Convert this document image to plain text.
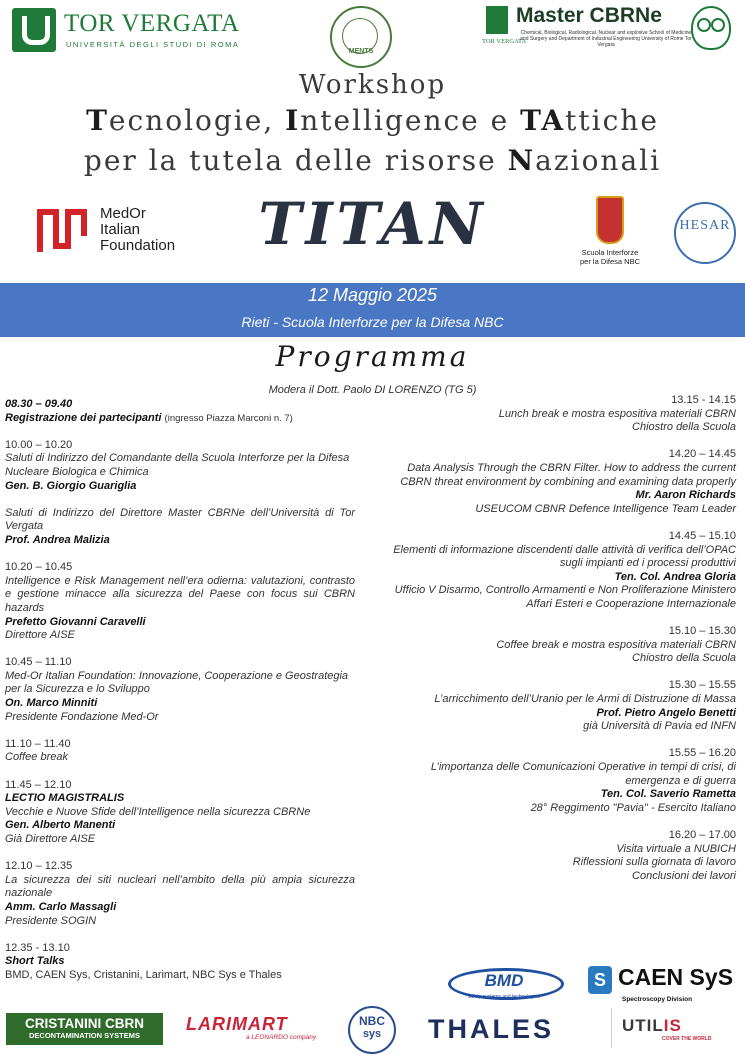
TOR VERGATA
UNIVERSITÀ DEGLI STUDI DI ROMA
MENTS
TOR VERGATA
Master CBRNe
Chemical, Biological, Radiological, Nuclear and explosive School of Medicine and Surgery and Department of Industrial Engineering University of Rome Tor Vergata
Workshop
Tecnologie, Intelligence e TAttiche
per la tutela delle risorse Nazionali
MedOr
Italian
Foundation	TITAN	Scuola Interforze
per la Difesa NBC
HESAR
12 Maggio 2025
Rieti - Scuola Interforze per la Difesa NBC
Programma
Modera il Dott. Paolo DI LORENZO (TG 5)
08.30 – 09.40
Registrazione dei partecipanti (ingresso Piazza Marconi n. 7)
10.00 – 10.20
Saluti di Indirizzo del Comandante della Scuola Interforze per la Difesa Nucleare Biologica e Chimica
Gen. B. Giorgio Guariglia
Saluti di Indirizzo del Direttore Master CBRNe dell’Università di Tor Vergata
Prof. Andrea Malizia
10.20 – 10.45
Intelligence e Risk Management nell’era odierna: valutazioni, contrasto e gestione minacce alla sicurezza del Paese con focus sui CBRN hazards
Prefetto Giovanni Caravelli
Direttore AISE
10.45 – 11.10
Med-Or Italian Foundation: Innovazione, Cooperazione e Geostrategia per la Sicurezza e lo Sviluppo
On. Marco Minniti
Presidente Fondazione Med-Or
11.10 – 11.40
Coffee break
11.45 – 12.10
LECTIO MAGISTRALIS
Vecchie e Nuove Sfide dell’Intelligence nella sicurezza CBRNe
Gen. Alberto Manenti
Già Direttore AISE
12.10 – 12.35
La sicurezza dei siti nucleari nell’ambito della più ampia sicurezza nazionale
Amm. Carlo Massagli
Presidente SOGIN
12.35 - 13.10
Short Talks
BMD, CAEN Sys, Cristanini, Larimart, NBC Sys e Thales
13.15 - 14.15
Lunch break e mostra espositiva materiali CBRN
Chiostro della Scuola
14.20 – 14.45
Data Analysis Through the CBRN Filter. How to address the current CBRN threat environment by combining and examining data properly
Mr. Aaron Richards
USEUCOM CBNR Defence Intelligence Team Leader
14.45 – 15.10
Elementi di informazione discendenti dalle attività di verifica dell’OPAC sugli impianti ed i processi produttivi
Ten. Col. Andrea Gloria
Ufficio V Disarmo, Controllo Armamenti e Non Proliferazione Ministero Affari Esteri e Cooperazione Internazionale
15.10 – 15.30
Coffee break e mostra espositiva materiali CBRN
Chiostro della Scuola
15.30 – 15.55
L’arricchimento dell’Uranio per le Armi di Distruzione di Massa
Prof. Pietro Angelo Benetti
già Università di Pavia ed INFN
15.55 – 16.20
L’importanza delle Comunicazioni Operative in tempi di crisi, di emergenza e di guerra
Ten. Col. Saverio Rametta
28° Reggimento "Pavia" - Esercito Italiano
16.20 – 17.00
Visita virtuale a NUBICH
Riflessioni sulla giornata di lavoro
Conclusioni dei lavori
BMD
safety systems and technologies
S CAEN SyS
Spectroscopy Division
CRISTANINI CBRN
DECONTAMINATION SYSTEMS
LARIMART
a LEONARDO company
NBC
sys	THALES	UTILIS
COVER THE WORLD
